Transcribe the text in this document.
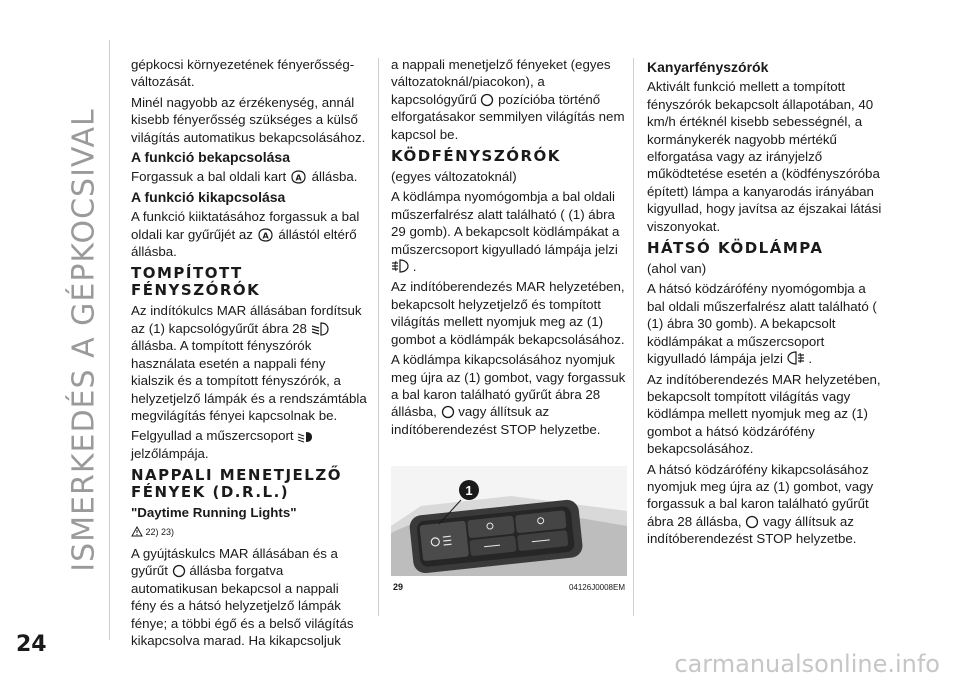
ISMERKEDÉS A GÉPKOCSIVAL
24

gépkocsi környezetének fényerősség-változását.

Minél nagyobb az érzékenység, annál kisebb fényerősség szükséges a külső világítás automatikus bekapcsolásához.

A funkció bekapcsolása

Forgassuk a bal oldali kart A állásba.

A funkció kikapcsolása

A funkció kiiktatásához forgassuk a bal oldali kar gyűrűjét az A állástól eltérő állásba.

TOMPÍTOTT FÉNYSZÓRÓK

Az indítókulcs MAR állásában fordítsuk az (1) kapcsológyűrűt ábra 28  állásba. A tompított fényszórók használata esetén a nappali fény kialszik és a tompított fényszórók, a helyzetjelző lámpák és a rendszámtábla megvilágítás fényei kapcsolnak be.

Felgyullad a műszercsoport
jelzőlámpája.

NAPPALI MENETJELZŐ FÉNYEK (D.R.L.)
"Daytime Running Lights"
22) 23)

A gyújtáskulcs MAR állásában és a gyűrűt állásba forgatva automatikusan bekapcsol a nappali fény és a hátsó helyzetjelző lámpák fénye; a többi égő és a belső világítás kikapcsolva marad. Ha kikapcsoljuk

a nappali menetjelző fényeket (egyes változatoknál/piacokon), a kapcsológyűrű pozícióba történő elforgatásakor semmilyen világítás nem kapcsol be.

KÖDFÉNYSZÓRÓK

(egyes változatoknál)

A ködlámpa nyomógombja a bal oldali műszerfalrész alatt található ( (1) ábra 29 gomb). A bekapcsolt ködlámpákat a műszercsoport kigyulladó lámpája jelzi  .

Az indítóberendezés MAR helyzetében, bekapcsolt helyzetjelző és tompított világítás mellett nyomjuk meg az (1) gombot a ködlámpák bekapcsolásához.

A ködlámpa kikapcsolásához nyomjuk meg újra az (1) gombot, vagy forgassuk a bal karon található gyűrűt ábra 28 állásba, vagy állítsuk az indítóberendezést STOP helyzetbe.

1
29	04126J0008EM
Kanyarfényszórók

Aktivált funkció mellett a tompított fényszórók bekapcsolt állapotában, 40 km/h értéknél kisebb sebességnél, a kormánykerék nagyobb mértékű elforgatása vagy az irányjelző működtetése esetén a (ködfényszóróba épített) lámpa a kanyarodás irányában kigyullad, hogy javítsa az éjszakai látási viszonyokat.

HÁTSÓ KÖDLÁMPA

(ahol van)

A hátsó ködzárófény nyomógombja a bal oldali műszerfalrész alatt található ( (1) ábra 30 gomb). A bekapcsolt ködlámpákat a műszercsoport kigyulladó lámpája jelzi .

Az indítóberendezés MAR helyzetében, bekapcsolt tompított világítás vagy ködlámpa mellett nyomjuk meg az (1) gombot a hátsó ködzárófény bekapcsolásához.

A hátsó ködzárófény kikapcsolásához nyomjuk meg újra az (1) gombot, vagy forgassuk a bal karon található gyűrűt ábra 28 állásba, vagy állítsuk az indítóberendezést STOP helyzetbe.

carmanualsonline.info
